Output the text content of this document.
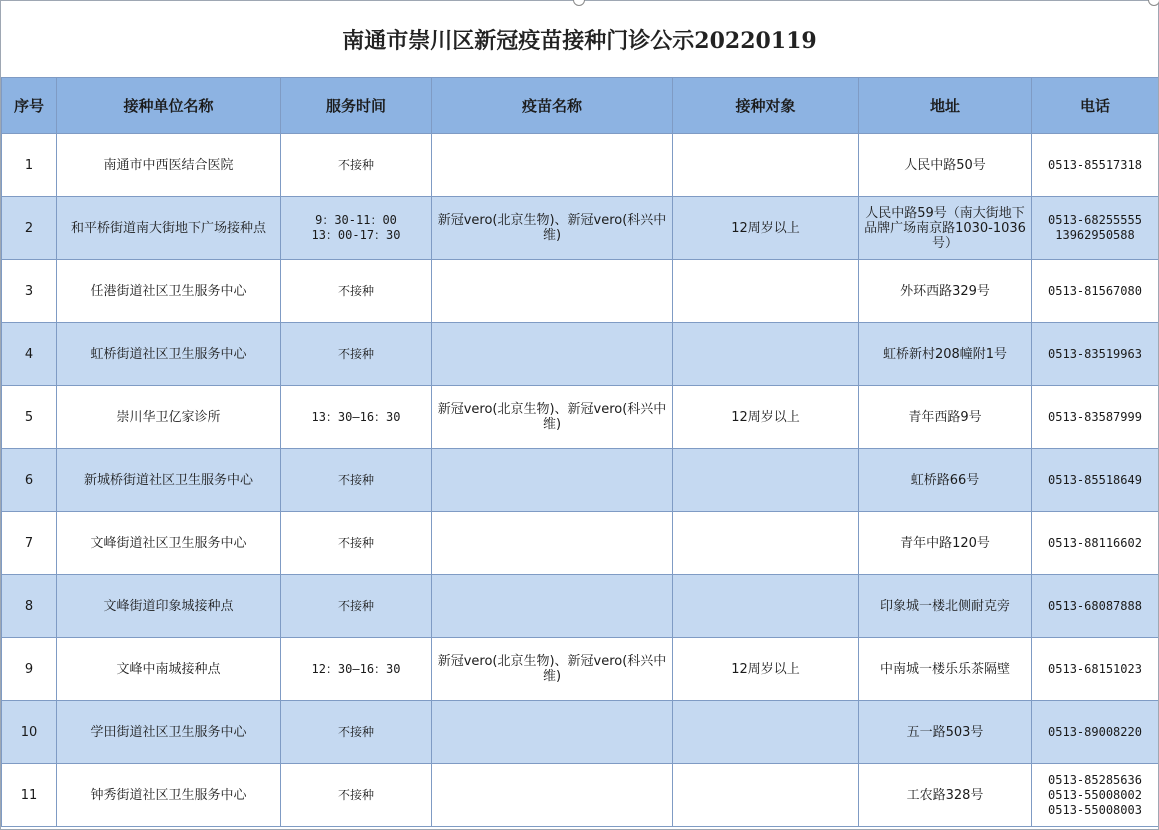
南通市崇川区新冠疫苗接种门诊公示20220119
序号	接种单位名称	服务时间	疫苗名称	接种对象	地址	电话
1	南通市中西医结合医院	不接种			人民中路50号	0513-85517318

2	和平桥街道南大街地下广场接种点	9：30-11：00
13：00-17：30	新冠vero(北京生物)、新冠vero(科兴中维)	12周岁以上	人民中路59号（南大街地下品牌广场南京路1030-1036号）	0513-68255555
13962950588

3	任港街道社区卫生服务中心	不接种			外环西路329号	0513-81567080

4	虹桥街道社区卫生服务中心	不接种			虹桥新村208幢附1号	0513-83519963

5	崇川华卫亿家诊所	13：30—16：30	新冠vero(北京生物)、新冠vero(科兴中维)	12周岁以上	青年西路9号	0513-83587999

6	新城桥街道社区卫生服务中心	不接种			虹桥路66号	0513-85518649

7	文峰街道社区卫生服务中心	不接种			青年中路120号	0513-88116602

8	文峰街道印象城接种点	不接种			印象城一楼北侧耐克旁	0513-68087888

9	文峰中南城接种点	12：30—16：30	新冠vero(北京生物)、新冠vero(科兴中维)	12周岁以上	中南城一楼乐乐茶隔壁	0513-68151023

10	学田街道社区卫生服务中心	不接种			五一路503号	0513-89008220

11	钟秀街道社区卫生服务中心	不接种			工农路328号	0513-85285636
0513-55008002
0513-55008003
